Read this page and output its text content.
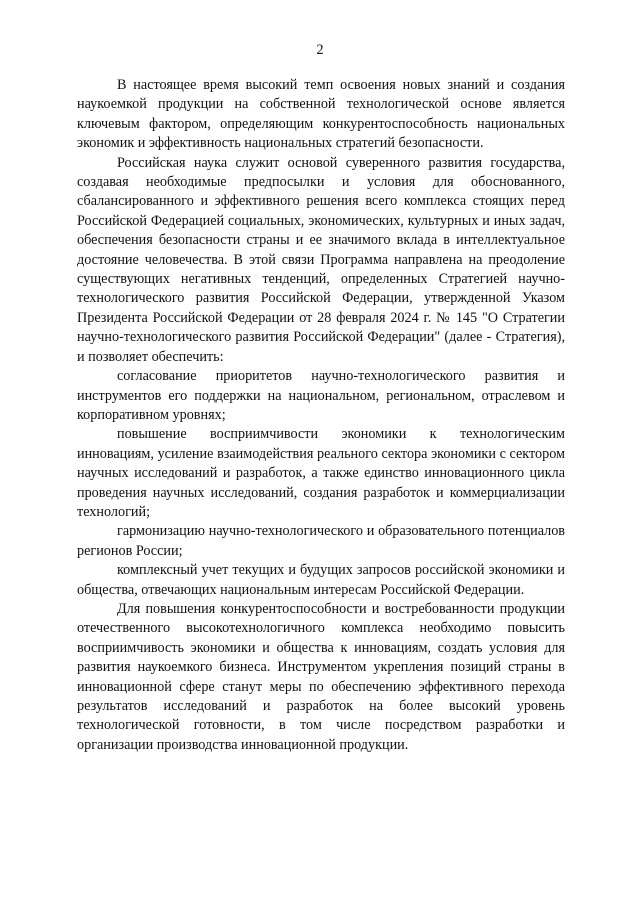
2

В настоящее время высокий темп освоения новых знаний и создания наукоемкой продукции на собственной технологической основе является ключевым фактором, определяющим конкурентоспособность национальных экономик и эффективность национальных стратегий безопасности.

Российская наука служит основой суверенного развития государства, создавая необходимые предпосылки и условия для обоснованного, сбалансированного и эффективного решения всего комплекса стоящих перед Российской Федерацией социальных, экономических, культурных и иных задач, обеспечения безопасности страны и ее значимого вклада в интеллектуальное достояние человечества. В этой связи Программа направлена на преодоление существующих негативных тенденций, определенных Стратегией научно-технологического развития Российской Федерации, утвержденной Указом Президента Российской Федерации от 28 февраля 2024 г. № 145 "О Стратегии научно-технологического развития Российской Федерации" (далее - Стратегия), и позволяет обеспечить:

согласование приоритетов научно-технологического развития и инструментов его поддержки на национальном, региональном, отраслевом и корпоративном уровнях;

повышение восприимчивости экономики к технологическим инновациям, усиление взаимодействия реального сектора экономики с сектором научных исследований и разработок, а также единство инновационного цикла проведения научных исследований, создания разработок и коммерциализации технологий;

гармонизацию научно-технологического и образовательного потенциалов регионов России;

комплексный учет текущих и будущих запросов российской экономики и общества, отвечающих национальным интересам Российской Федерации.

Для повышения конкурентоспособности и востребованности продукции отечественного высокотехнологичного комплекса необходимо повысить восприимчивость экономики и общества к инновациям, создать условия для развития наукоемкого бизнеса. Инструментом укрепления позиций страны в инновационной сфере станут меры по обеспечению эффективного перехода результатов исследований и разработок на более высокий уровень технологической готовности, в том числе посредством разработки и организации производства инновационной продукции.
